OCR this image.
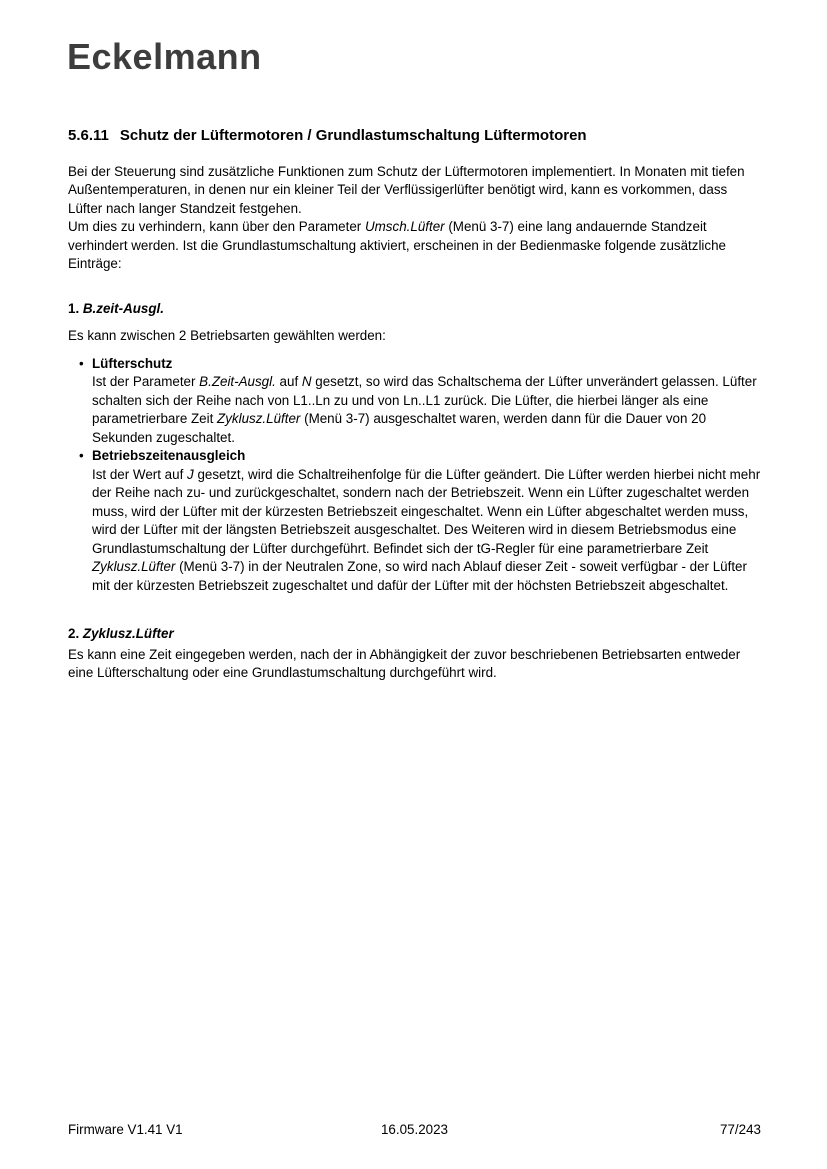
Eckelmann
5.6.11 Schutz der Lüftermotoren / Grundlastumschaltung Lüftermotoren

Bei der Steuerung sind zusätzliche Funktionen zum Schutz der Lüftermotoren implementiert. In Monaten mit tiefen Außentemperaturen, in denen nur ein kleiner Teil der Verflüssigerlüfter benötigt wird, kann es vorkommen, dass Lüfter nach langer Standzeit festgehen.

Um dies zu verhindern, kann über den Parameter Umsch.Lüfter (Menü 3-7) eine lang andauernde Standzeit verhindert werden. Ist die Grundlastumschaltung aktiviert, erscheinen in der Bedienmaske folgende zusätzliche Einträge:

1. B.zeit-Ausgl.

Es kann zwischen 2 Betriebsarten gewählten werden:

• Lüfterschutz
Ist der Parameter B.Zeit-Ausgl. auf N gesetzt, so wird das Schaltschema der Lüfter unverändert gelassen. Lüfter schalten sich der Reihe nach von L1..Ln zu und von Ln..L1 zurück. Die Lüfter, die hierbei länger als eine parametrierbare Zeit Zyklusz.Lüfter (Menü 3-7) ausgeschaltet waren, werden dann für die Dauer von 20 Sekunden zugeschaltet.
• Betriebszeitenausgleich
Ist der Wert auf J gesetzt, wird die Schaltreihenfolge für die Lüfter geändert. Die Lüfter werden hierbei nicht mehr der Reihe nach zu- und zurückgeschaltet, sondern nach der Betriebszeit. Wenn ein Lüfter zugeschaltet werden muss, wird der Lüfter mit der kürzesten Betriebszeit eingeschaltet. Wenn ein Lüfter abgeschaltet werden muss, wird der Lüfter mit der längsten Betriebszeit ausgeschaltet. Des Weiteren wird in diesem Betriebsmodus eine Grundlastumschaltung der Lüfter durchgeführt. Befindet sich der tG-Regler für eine parametrierbare Zeit Zyklusz.Lüfter (Menü 3-7) in der Neutralen Zone, so wird nach Ablauf dieser Zeit - soweit verfügbar - der Lüfter mit der kürzesten Betriebszeit zugeschaltet und dafür der Lüfter mit der höchsten Betriebszeit abgeschaltet.
2. Zyklusz.Lüfter

Es kann eine Zeit eingegeben werden, nach der in Abhängigkeit der zuvor beschriebenen Betriebsarten entweder eine Lüfterschaltung oder eine Grundlastumschaltung durchgeführt wird.

Firmware V1.41 V1	16.05.2023	77/243
